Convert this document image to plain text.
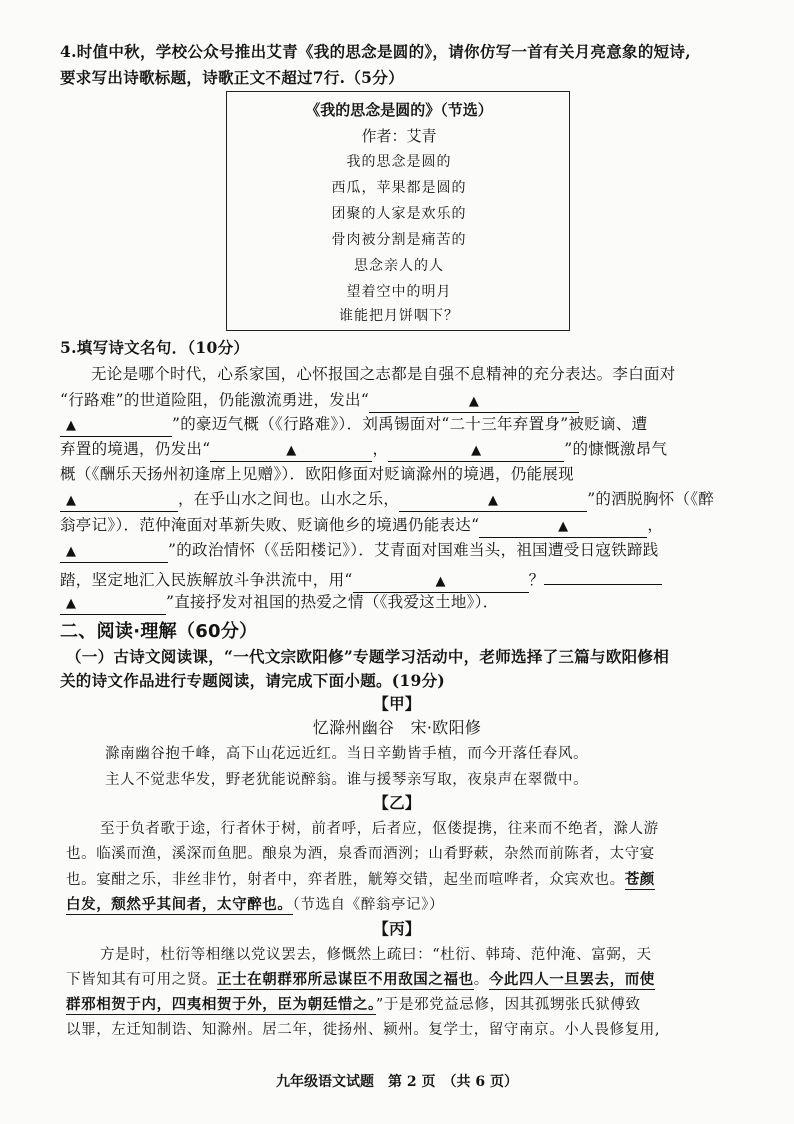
4.时值中秋，学校公众号推出艾青《我的思念是圆的》，请你仿写一首有关月亮意象的短诗,
要求写出诗歌标题，诗歌正文不超过7行.（5分）
《我的思念是圆的》（节选）
作者：艾青
我的思念是圆的
西瓜，苹果都是圆的
团聚的人家是欢乐的
骨肉被分割是痛苦的
思念亲人的人
望着空中的明月
谁能把月饼咽下？
5.填写诗文名句．（10分）
无论是哪个时代，心系家国，心怀报国之志都是自强不息精神的充分表达。李白面对
“行路难”的世道险阻，仍能激流勇进，发出“	▲
▲	”的豪迈气概（《行路难》）．刘禹锡面对“二十三年弃置身”被贬谪、遭
弃置的境遇，仍发出“	▲	，	▲	”的慷慨激昂气
概（《酬乐天扬州初逢席上见赠》）．欧阳修面对贬谪滁州的境遇，仍能展现
▲	，在乎山水之间也。山水之乐，	▲	”的洒脱胸怀（《醉
翁亭记》）．范仲淹面对革新失败、贬谪他乡的境遇仍能表达“	▲	，
▲	”的政治情怀（《岳阳楼记》）．艾青面对国难当头，祖国遭受日寇铁蹄践
踏，坚定地汇入民族解放斗争洪流中，用“	▲	？
▲	”直接抒发对祖国的热爱之情（《我爱这土地》）．
二、阅读·理解（60分）
（一）古诗文阅读课，“一代文宗欧阳修”专题学习活动中，老师选择了三篇与欧阳修相
关的诗文作品进行专题阅读，请完成下面小题。(19分)
【甲】
忆滁州幽谷　宋·欧阳修
滁南幽谷抱千峰，高下山花远近红。当日辛勤皆手植，而今开落任春风。
主人不觉悲华发，野老犹能说醉翁。谁与援琴亲写取，夜泉声在翠微中。
【乙】
至于负者歌于途，行者休于树，前者呼，后者应，伛偻提携，往来而不绝者，滁人游
也。临溪而渔，溪深而鱼肥。酿泉为酒，泉香而酒洌；山肴野蔌，杂然而前陈者，太守宴
也。宴酣之乐，非丝非竹，射者中，弈者胜，觥筹交错，起坐而喧哗者，众宾欢也。苍颜
白发，颓然乎其间者，太守醉也。（节选自《醉翁亭记》）
【丙】
方是时，杜衍等相继以党议罢去，修慨然上疏曰：“杜衍、韩琦、范仲淹、富弼，天
下皆知其有可用之贤。正士在朝群邪所忌谋臣不用敌国之福也。今此四人一旦罢去，而使
群邪相贺于内，四夷相贺于外，臣为朝廷惜之。”于是邪党益忌修，因其孤甥张氏狱傅致
以罪，左迁知制诰、知滁州。居二年，徙扬州、颍州。复学士，留守南京。小人畏修复用,
九年级语文试题　第 2 页　（共 6 页）
